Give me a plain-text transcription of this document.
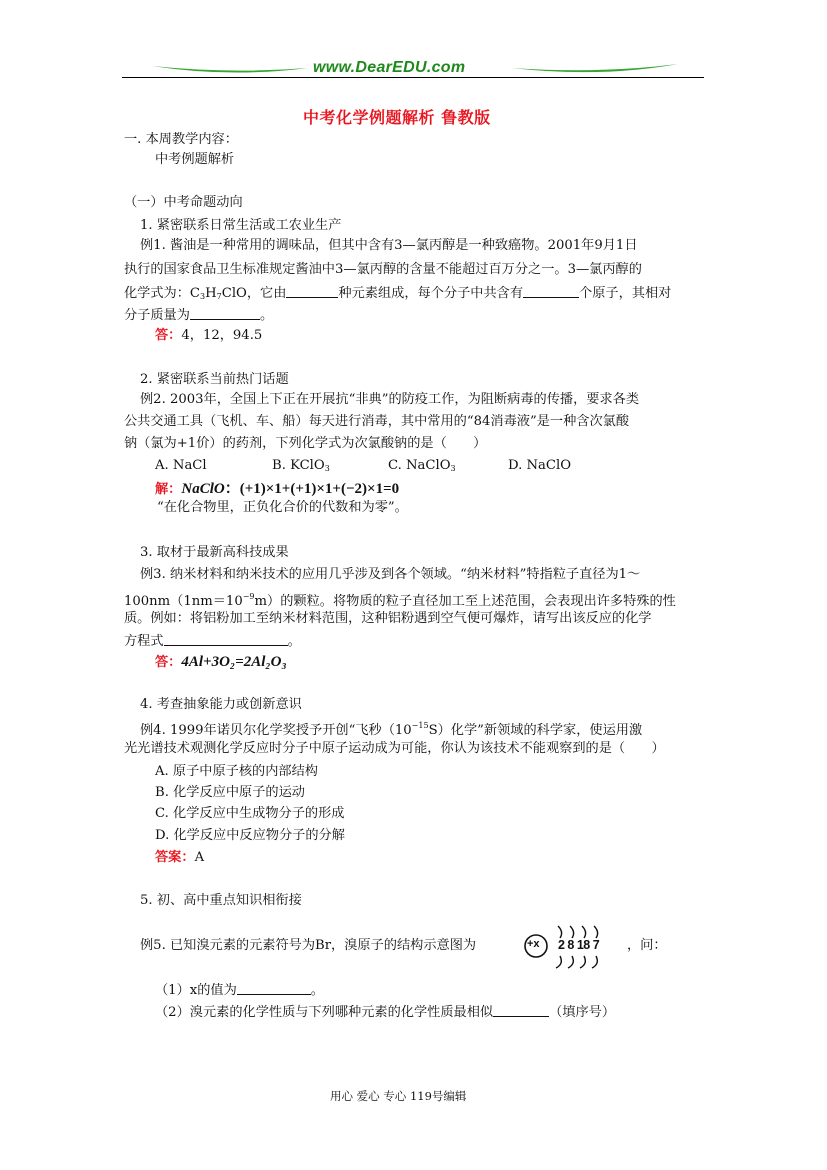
www.DearEDU.com
中考化学例题解析 鲁教版
一. 本周教学内容：
中考例题解析
（一）中考命题动向
1. 紧密联系日常生活或工农业生产
例1. 酱油是一种常用的调味品，但其中含有3—氯丙醇是一种致癌物。2001年9月1日
执行的国家食品卫生标准规定酱油中3—氯丙醇的含量不能超过百万分之一。3—氯丙醇的
化学式为：$C_3H_7ClO$，它由	种元素组成，每个分子中共含有	个原子，其相对
分子质量为	。
答：4，12，94.5
2. 紧密联系当前热门话题
例2. 2003年，全国上下正在开展抗“非典”的防疫工作，为阻断病毒的传播，要求各类
公共交通工具（飞机、车、船）每天进行消毒，其中常用的“84消毒液”是一种含次氯酸
钠（氯为+1价）的药剂，下列化学式为次氯酸钠的是（　　）
A. NaCl	B. KClO$_3$	C. NaClO$_3$	D. NaClO
解：NaClO：(+1)×1+(+1)×1+(−2)×1=0
“在化合物里，正负化合价的代数和为零”。
3. 取材于最新高科技成果
例3. 纳米材料和纳米技术的应用几乎涉及到各个领域。“纳米材料”特指粒子直径为1～
$100nm(1nm=10^{-9}m)$的颗粒。将物质的粒子直径加工至上述范围，会表现出许多特殊的性
质。例如：将铝粉加工至纳米材料范围，这种铝粉遇到空气便可爆炸，请写出该反应的化学
方程式	。
答：4Al+3O₂=2Al₂O₃
4. 考查抽象能力或创新意识
例4. 1999年诺贝尔化学奖授予开创“飞秒$(10^{-15}S)$化学”新领域的科学家，使运用激
光光谱技术观测化学反应时分子中原子运动成为可能，你认为该技术不能观察到的是（　　）
A. 原子中原子核的内部结构
B. 化学反应中原子的运动
C. 化学反应中生成物分子的形成
D. 化学反应中反应物分子的分解
答案：A
5. 初、高中重点知识相衔接
例5. 已知溴元素的元素符号为Br，溴原子的结构示意图为	+x 2 8 18 7 ，问：
（1）x的值为	。
（2）溴元素的化学性质与下列哪种元素的化学性质最相似	（填序号）
用心 爱心 专心 119号编辑
